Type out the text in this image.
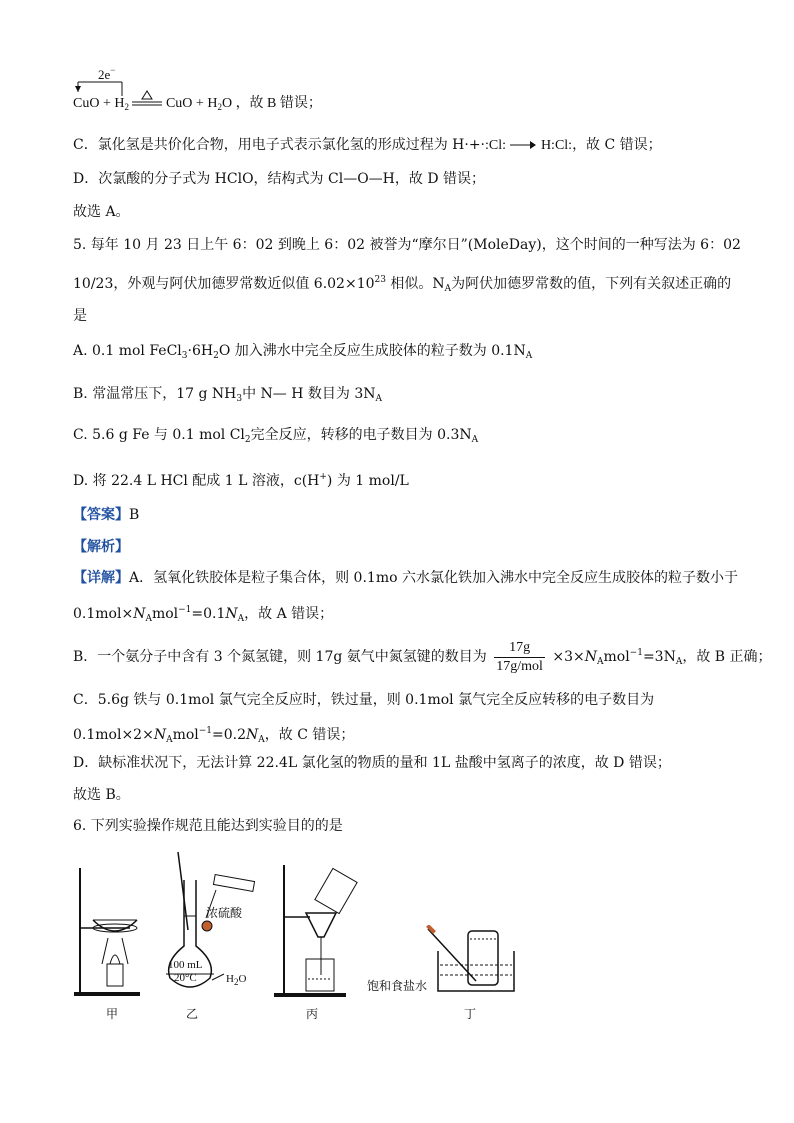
2e−
CuO + $H_2$	CuO + $H_2O$ ，故 B 错误；
C．氯化氢是共价化合物，用电子式表示氯化氢的形成过程为 H·+·:Cl: → H:Cl:，故 C 错误；
D．次氯酸的分子式为 HClO，结构式为 Cl—O—H，故 D 错误；
故选 A。
5. 每年 10 月 23 日上午 6：02 到晚上 6：02 被誉为“摩尔日”(MoleDay)，这个时间的一种写法为 6：02
10/23，外观与阿伏加德罗常数近似值 $6.02\times 10^{23}$ 相似。$N_A$为阿伏加德罗常数的值，下列有关叙述正确的
是
A. 0.1 mol $FeCl_3\cdot 6H_2O$ 加入沸水中完全反应生成胶体的粒子数为 $0.1N_A$
B. 常温常压下，17 g $NH_3$中 N— H 数目为 $3N_A$
C. 5.6 g Fe 与 0.1 mol $Cl_2$完全反应，转移的电子数目为 $0.3N_A$
D. 将 22.4 L HCl 配成 1 L 溶液，c(H+) 为 1 mol/L
【答案】B
【解析】
【详解】A．氢氧化铁胶体是粒子集合体，则 0.1mo 六水氯化铁加入沸水中完全反应生成胶体的粒子数小于
$0.1mol\times N_Amol^{-1}=0.1N_A$，故 A 错误；
B．一个氨分子中含有 3 个氮氢键，则 17g 氨气中氮氢键的数目为 $\frac{17g}{\text{17g/mol}} \times 3\times N_Amol^{-1}=3N_A$，故 B 正确；
C．5.6g 铁与 0.1mol 氯气完全反应时，铁过量，则 0.1mol 氯气完全反应转移的电子数目为
$0.1mol\times 2\times N_Amol^{-1}=0.2N_A$，故 C 错误；
D．缺标准状况下，无法计算 22.4L 氯化氢的物质的量和 1L 盐酸中氢离子的浓度，故 D 错误；
故选 B。
6. 下列实验操作规范且能达到实验目的的是
浓硫酸
100 mL
20°C	$H_2O$	饱和食盐水
甲	乙	丙	丁
